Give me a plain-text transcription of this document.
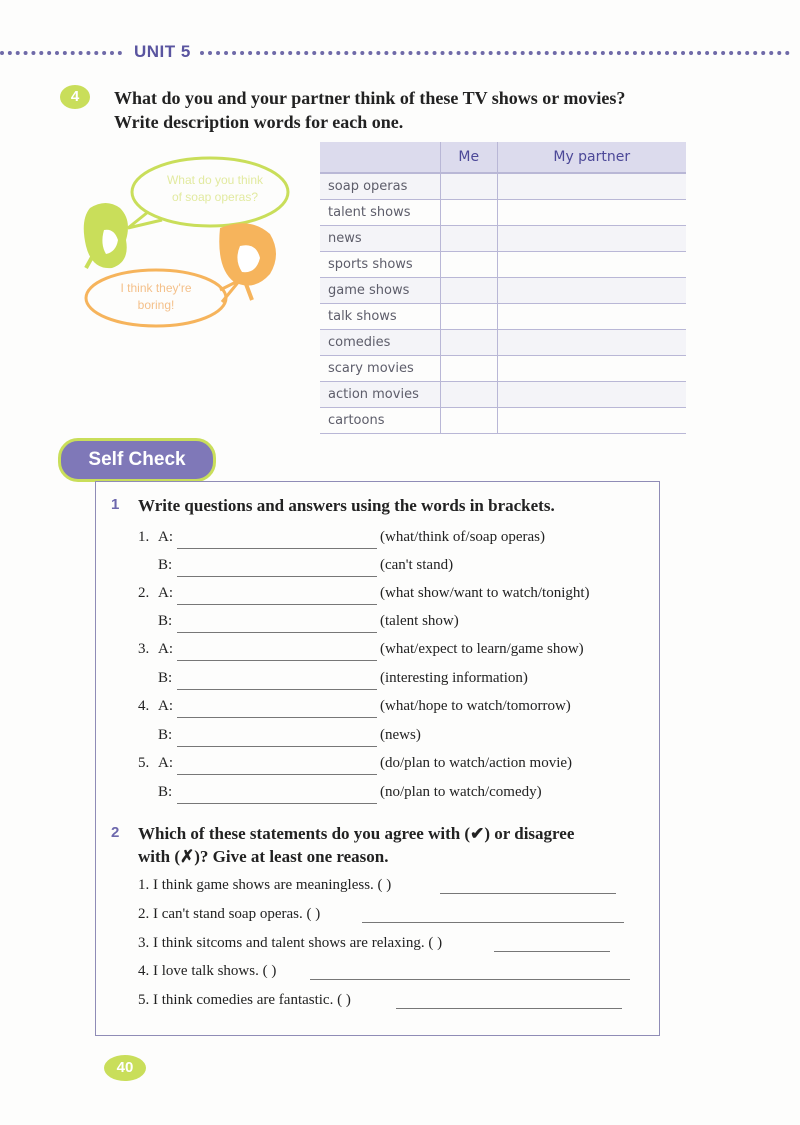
UNIT 5
4	What do you and your partner think of these TV shows or movies?
Write description words for each one.
What do you think
of soap operas?
I think they're
boring!
	Me	My partner
soap operas		
talent shows		
news		
sports shows		
game shows		
talk shows		
comedies		
scary movies		
action movies		
cartoons		
Self Check
1 Write questions and answers using the words in brackets.
1. A:	(what/think of/soap operas)
B:	(can't stand)
2. A:	(what show/want to watch/tonight)
B:	(talent show)
3. A:	(what/expect to learn/game show)
B:	(interesting information)
4. A:	(what/hope to watch/tomorrow)
B:	(news)
5. A:	(do/plan to watch/action movie)
B:	(no/plan to watch/comedy)
2 Which of these statements do you agree with (✔) or disagree
with (✗)? Give at least one reason.
1. I think game shows are meaningless. ( )
2. I can't stand soap operas. ( )
3. I think sitcoms and talent shows are relaxing. ( )
4. I love talk shows. ( )
5. I think comedies are fantastic. ( )
40
